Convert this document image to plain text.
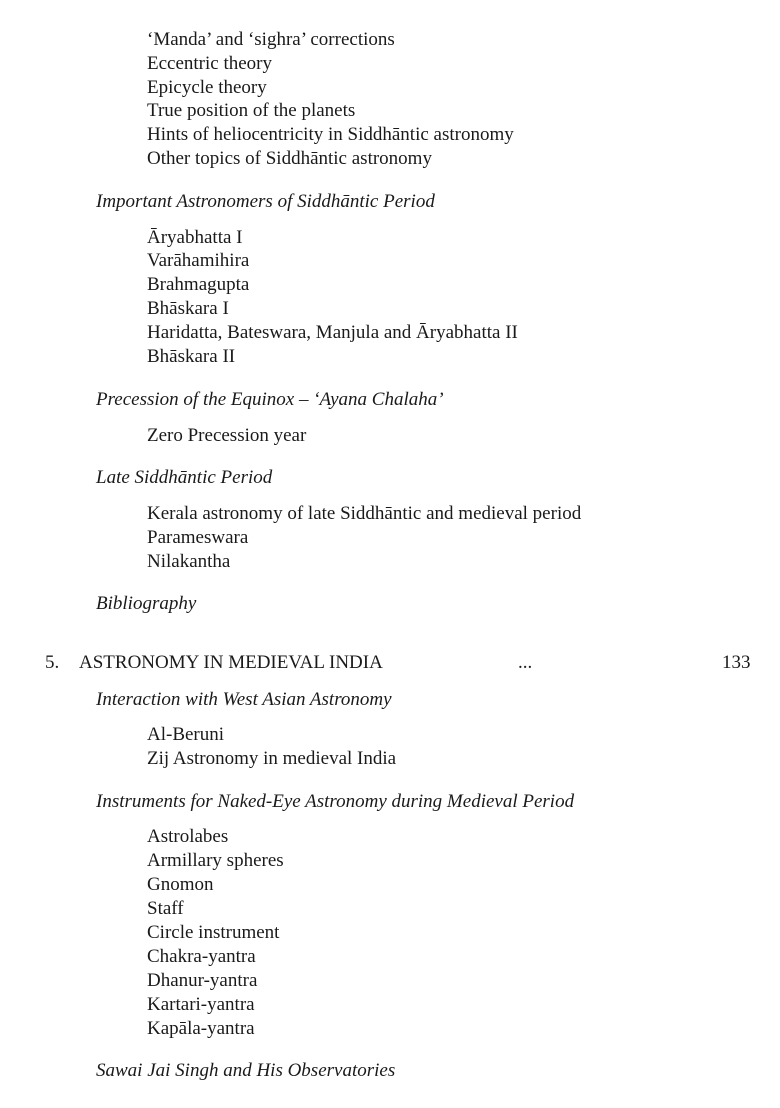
‘Manda’ and ‘sighra’ corrections
Eccentric theory
Epicycle theory
True position of the planets
Hints of heliocentricity in Siddhāntic astronomy
Other topics of Siddhāntic astronomy
Important Astronomers of Siddhāntic Period
Āryabhatta I
Varāhamihira
Brahmagupta
Bhāskara I
Haridatta, Bateswara, Manjula and Āryabhatta II
Bhāskara II
Precession of the Equinox – ‘Ayana Chalaha’
Zero Precession year
Late Siddhāntic Period
Kerala astronomy of late Siddhāntic and medieval period
Parameswara
Nilakantha
Bibliography
5. ASTRONOMY IN MEDIEVAL INDIA	...	133
Interaction with West Asian Astronomy
Al-Beruni
Zij Astronomy in medieval India
Instruments for Naked-Eye Astronomy during Medieval Period
Astrolabes
Armillary spheres
Gnomon
Staff
Circle instrument
Chakra-yantra
Dhanur-yantra
Kartari-yantra
Kapāla-yantra
Sawai Jai Singh and His Observatories
